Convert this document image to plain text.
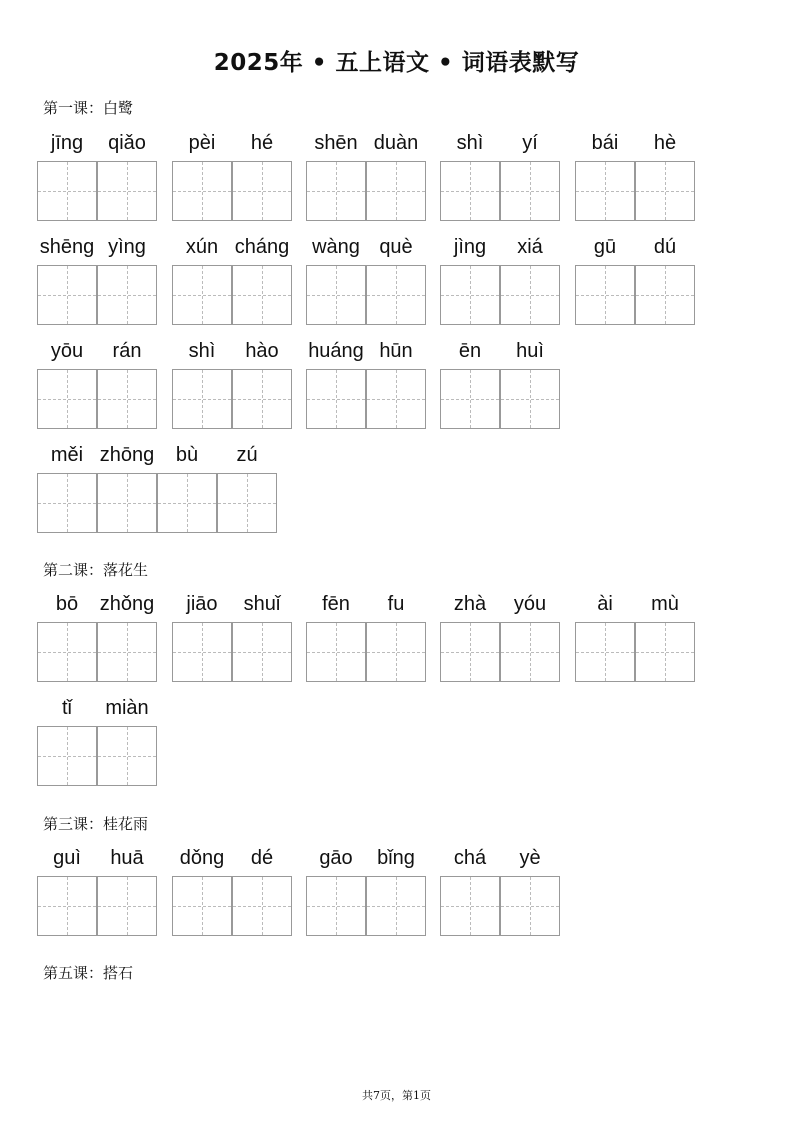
2025年 • 五上语文 • 词语表默写
第一课：白鹭
jīng	qiǎo	pèi	hé	shēn duàn	shì	yí	bái	hè
shēng yìng	xún cháng	wàng què	jìng	xiá	gū	dú
yōu	rán	shì	hào	huáng hūn	ēn	huì
měi zhōng	bù	zú
第二课：落花生
bō	zhǒng	jiāo	shuǐ	fēn	fu	zhà	yóu	ài	mù
tǐ	miàn
第三课：桂花雨
guì	huā	dǒng	dé	gāo	bǐng	chá	yè
第五课：搭石
共7页，第1页
